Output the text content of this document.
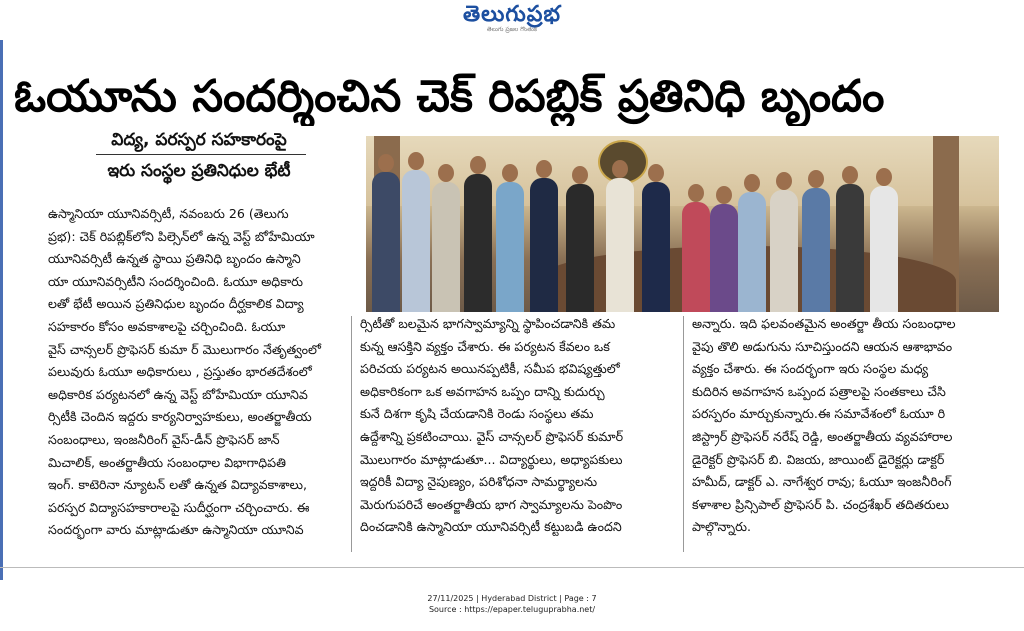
తెలుగుప్రభ
తెలుగు ప్రజల గొంతుక
ఓయూను సందర్శించిన చెక్ రిపబ్లిక్ ప్రతినిధి బృందం
విద్య, పరస్పర సహకారంపై
ఇరు సంస్థల ప్రతినిధుల భేటీ

ఉస్మానియా యూనివర్సిటీ, నవంబరు 26 (తెలుగు

ప్రభ): చెక్ రిపబ్లిక్‌లోని పిల్సెన్‌లో ఉన్న వెస్ట్ బోహేమియా

యూనివర్సిటీ ఉన్నత స్థాయి ప్రతినిధి బృందం ఉస్మాని

యా యూనివర్సిటీని సందర్శించింది. ఓయూ అధికారు

లతో భేటీ అయిన ప్రతినిధుల బృందం దీర్ఘకాలిక విద్యా

సహకారం కోసం అవకాశాలపై చర్చించింది. ఓయూ

వైస్ చాన్సలర్ ప్రొఫెసర్ కుమా ర్ మొలుగారం నేతృత్వంలో

పలువురు ఓయూ అధికారులు , ప్రస్తుతం భారతదేశంలో

అధికారిక పర్యటనలో ఉన్న వెస్ట్ బోహేమియా యూనివ

ర్సిటీకి చెందిన ఇద్దరు కార్యనిర్వాహకులు, అంతర్జాతీయ

సంబంధాలు, ఇంజనీరింగ్ వైస్-డీన్ ప్రొఫెసర్ జాన్

మిచాలిక్, అంతర్జాతీయ సంబంధాల విభాగాధిపతి

ఇంగ్. కాటెరినా న్యూటన్ లతో ఉన్నత విద్యావకాశాలు,

పరస్పర విద్యాసహకారాలపై సుదీర్ఘంగా చర్చించారు. ఈ

సందర్భంగా వారు మాట్లాడుతూ ఉస్మానియా యూనివ

ర్సిటీతో బలమైన భాగస్వామ్యాన్ని స్థాపించడానికి తమ

కున్న ఆసక్తిని వ్యక్తం చేశారు. ఈ పర్యటన కేవలం ఒక

పరిచయ పర్యటన అయినప్పటికీ, సమీప భవిష్యత్తులో

అధికారికంగా ఒక అవగాహన ఒప్పం దాన్ని కుదుర్చు

కునే దిశగా కృషి చేయడానికి రెండు సంస్థలు తమ

ఉద్దేశాన్ని ప్రకటించాయి. వైస్ చాన్సలర్ ప్రొఫెసర్ కుమార్

మొలుగారం మాట్లాడుతూ... విద్యార్థులు, అధ్యాపకులు

ఇద్దరికీ విద్యా నైపుణ్యం, పరిశోధనా సామర్థ్యాలను

మెరుగుపరిచే అంతర్జాతీయ భాగ స్వామ్యాలను పెంపొం

దించడానికి ఉస్మానియా యూనివర్సిటీ కట్టుబడి ఉందని

అన్నారు. ఇది ఫలవంతమైన అంతర్జా తీయ సంబంధాల

వైపు తొలి అడుగును సూచిస్తుందని ఆయన ఆశాభావం

వ్యక్తం చేశారు. ఈ సందర్భంగా ఇరు సంస్థల మధ్య

కుదిరిన అవగాహన ఒప్పంద పత్రాలపై సంతకాలు చేసి

పరస్పరం మార్చుకున్నారు.ఈ సమావేశంలో ఓయూ రి

జిస్ట్రార్ ప్రొఫెసర్ నరేష్ రెడ్డి, అంతర్జాతీయ వ్యవహారాల

డైరెక్టర్ ప్రొఫెసర్ బి. విజయ, జాయింట్ డైరెక్టర్లు డాక్టర్

హమీద్, డాక్టర్ ఎ. నాగేశ్వర రావు; ఓయూ ఇంజనీరింగ్

కళాశాల ప్రిన్సిపాల్ ప్రొఫెసర్ పి. చంద్రశేఖర్ తదితరులు

పాల్గొన్నారు.

27/11/2025 | Hyderabad District | Page : 7
Source : https://epaper.teluguprabha.net/
